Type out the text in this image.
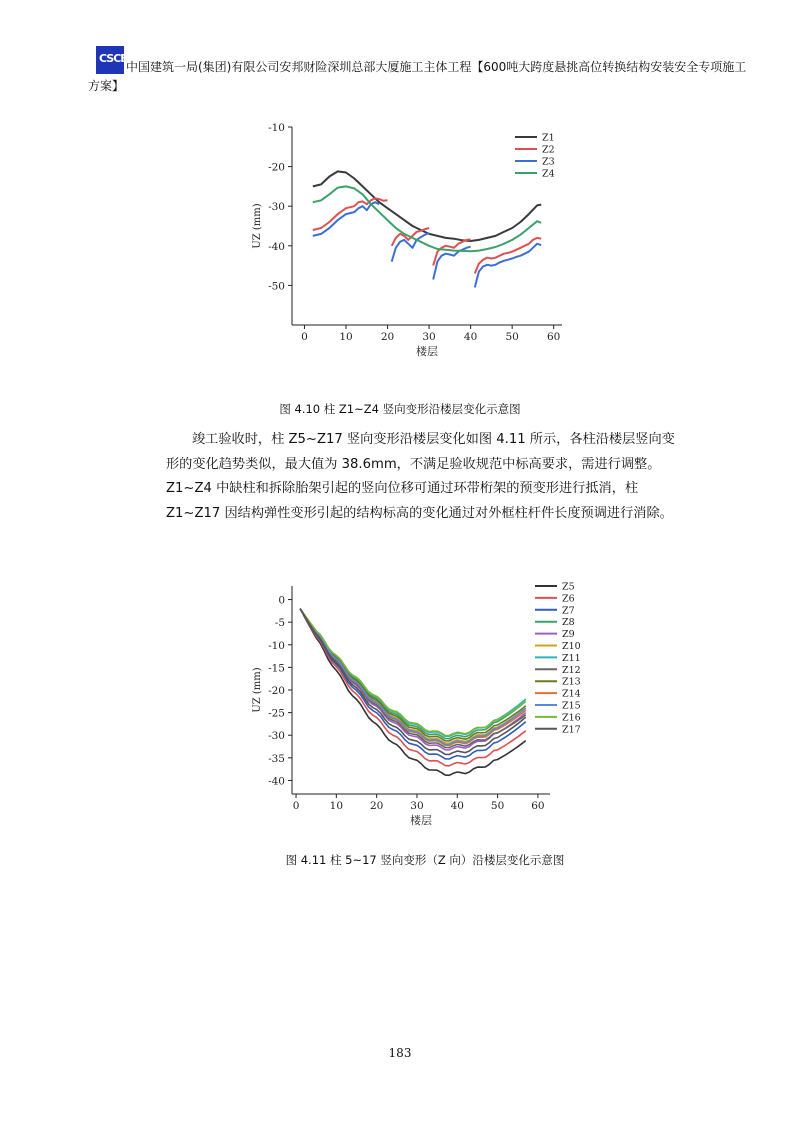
CSCEC
中国建筑一局(集团)有限公司安邦财险深圳总部大厦施工主体工程【600吨大跨度悬挑高位转换结构安装安全专项施工
方案】
0	10	20	30	40	50	60
-10
-20
-30
-40
-50
楼层
UZ (mm)
Z1
Z2
Z3
Z4
图 4.10 柱 Z1~Z4 竖向变形沿楼层变化示意图

竣工验收时，柱 Z5~Z17 竖向变形沿楼层变化如图 4.11 所示，各柱沿楼层竖向变形的变化趋势类似，最大值为 38.6mm，不满足验收规范中标高要求，需进行调整。Z1~Z4 中缺柱和拆除胎架引起的竖向位移可通过环带桁架的预变形进行抵消，柱 Z1~Z17 因结构弹性变形引起的结构标高的变化通过对外框柱杆件长度预调进行消除。

0	10	20	30	40	50	60
0
-5
-10
-15
-20
-25
-30
-35
-40
楼层
UZ (mm)
Z5
Z6
Z7
Z8
Z9
Z10
Z11
Z12
Z13
Z14
Z15
Z16
Z17
图 4.11 柱 5~17 竖向变形（Z 向）沿楼层变化示意图
183
